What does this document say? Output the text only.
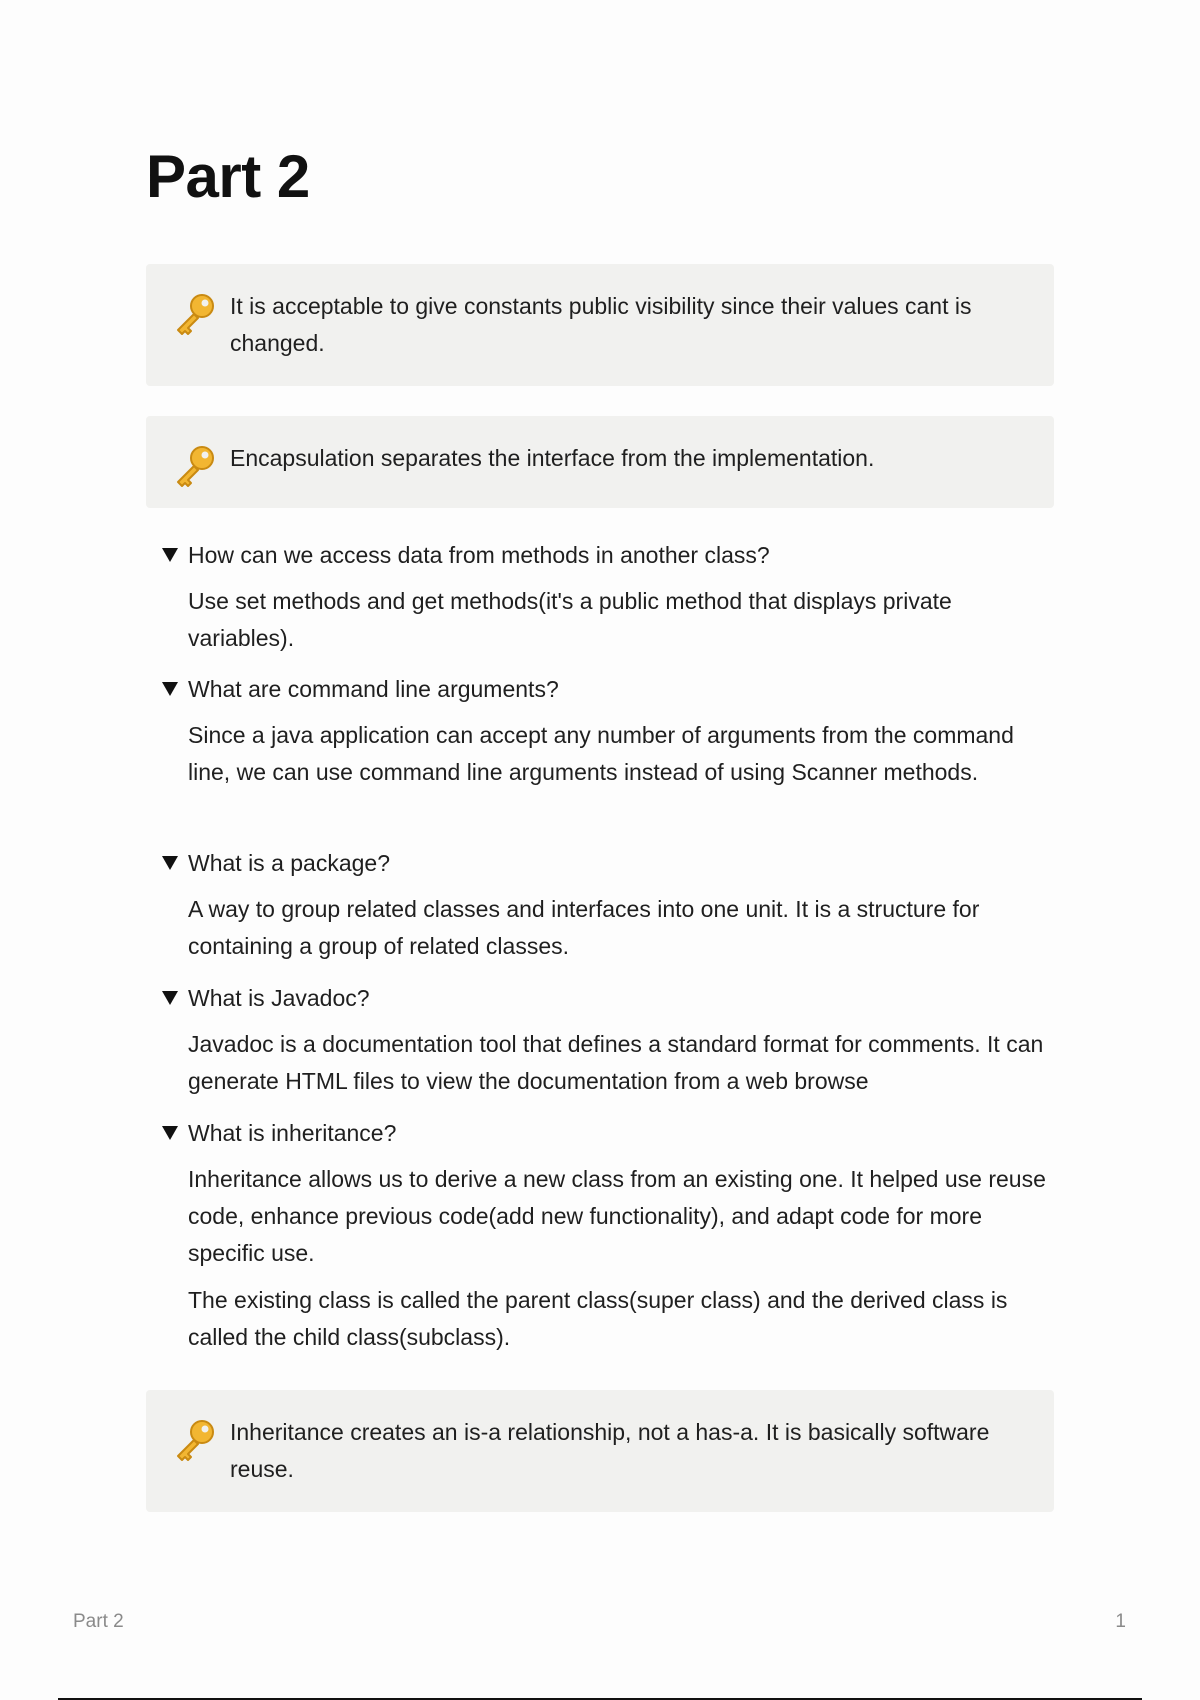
Part 2

It is acceptable to give constants public visibility since their values cant is changed.

Encapsulation separates the interface from the implementation.

How can we access data from methods in another class?

Use set methods and get methods(it's a public method that displays private variables).

What are command line arguments?

Since a java application can accept any number of arguments from the command line, we can use command line arguments instead of using Scanner methods.

What is a package?

A way to group related classes and interfaces into one unit. It is a structure for containing a group of related classes.

What is Javadoc?

Javadoc is a documentation tool that defines a standard format for comments. It can generate HTML files to view the documentation from a web browse

What is inheritance?

Inheritance allows us to derive a new class from an existing one. It helped use reuse code, enhance previous code(add new functionality), and adapt code for more specific use.

The existing class is called the parent class(super class) and the derived class is called the child class(subclass).

Inheritance creates an is-a relationship, not a has-a. It is basically software reuse.

Part 2	1
